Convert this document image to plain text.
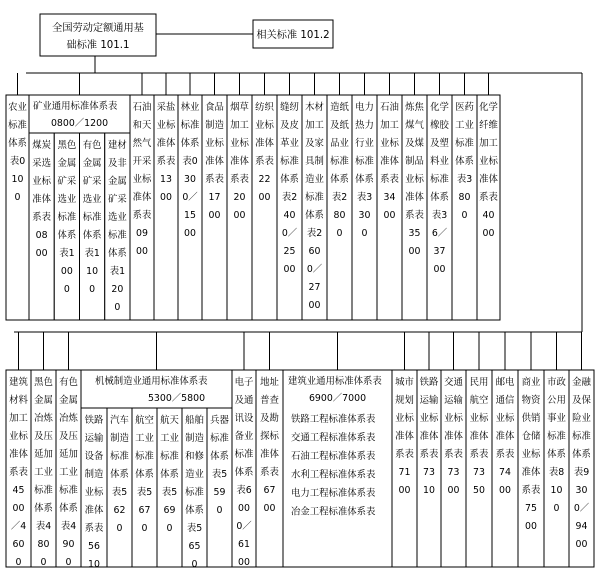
全国劳动定额通用基
础标准 101.1
相关标准 101.2
农业标准体系表0 10 0
矿业通用标准体系表
0800／1200
煤炭采选业标准体系表 08 00
黑色金属矿采选业标准体系表1 00 0
有色金属矿采选业标准体系表1 10 0
建材及非金属矿采选业标准体系表1 20 0
石油和天然气开采业标准体系表 09 00
采盐业标准体系表 13 00
林业标准体系表0 30 0／ 15 00
食品制造业标准体系表 17 00
烟草加工业标准体系表 20 00
纺织业标准体系表 22 00
缝纫及皮革业标准体系表2 40 0／ 25 00
木材加工及家具制造业标准体系表2 60 0／ 27 00
造纸及纸品业标准体系表2 80 0
电力热力行业标准体系表3 30 0
石油加工业标准体系表 34 00
炼焦煤气及煤制品业标准体系表 35 00
化学橡胶及塑料业标准体系表3 6／ 37 00
医药工业标准体系表3 80 0
化学纤维加工业标准体系表 40 00
建筑材料加工业标准体系表 45 00 ／4 60 0
黑色金属冶炼及压延加工业标准体系表4 80 0
有色金属冶炼及压延加工业标准体系表4 90 0
机械制造业通用标准体系表
5300／5800
铁路运输设备制造业标准体系表 56 10
汽车制造标准体系表5 62 0
航空工业标准体系表5 67 0
航天工业标准体系表5 69 0
船舶制造和修造业标准体系表5 65 0
兵器标准体系表5 59 0
电子及通讯设备业标准体系表6 00 0／ 61 00
地址普查及勘探标准体系表 67 00
建筑业通用标准体系表
6900／7000
铁路工程标准体系表
交通工程标准体系表
石油工程标准体系表
水利工程标准体系表
电力工程标准体系表
冶金工程标准体系表
城市规划业标准体系表 71 00
铁路运输业标准体系表 73 10
交通运输业标准体系表 73 00
民用航空业标准体系表 73 50
邮电通信业标准体系表 74 00
商业物资供销仓储业标准体系表 75 00
市政公用事业标准体系表8 10 0
金融及保险业标准体系表9 30 0／ 94 00
